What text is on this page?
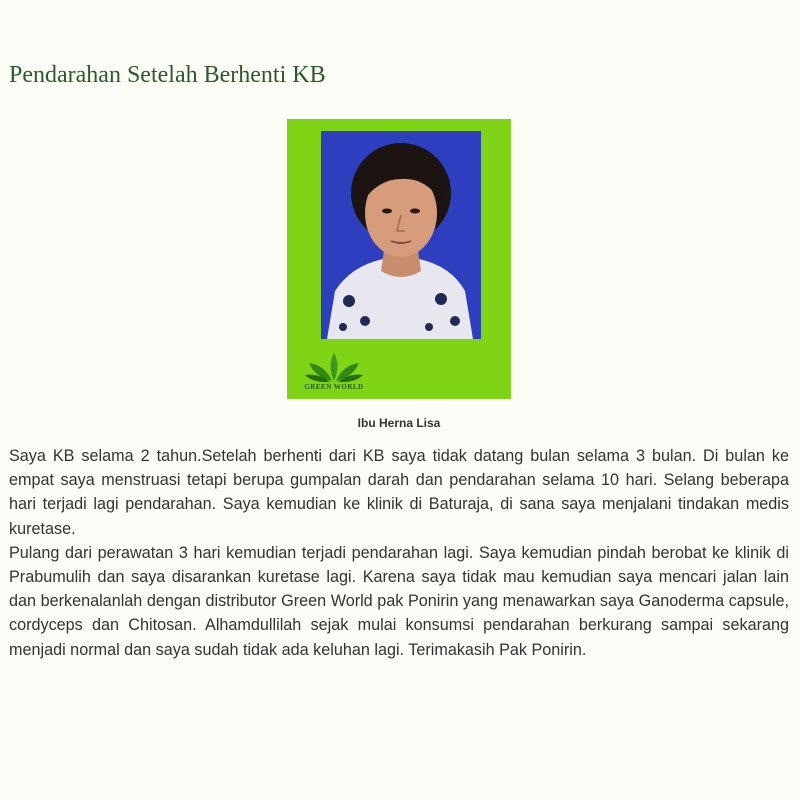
Pendarahan Setelah Berhenti KB
GREEN WORLD
Ibu Herna Lisa

Saya KB selama 2 tahun.Setelah berhenti dari KB saya tidak datang bulan selama 3 bulan. Di bulan ke empat saya menstruasi tetapi berupa gumpalan darah dan pendarahan selama 10 hari. Selang beberapa hari terjadi lagi pendarahan. Saya kemudian ke klinik di Baturaja, di sana saya menjalani tindakan medis kuretase.

Pulang dari perawatan 3 hari kemudian terjadi pendarahan lagi. Saya kemudian pindah berobat ke klinik di Prabumulih dan saya disarankan kuretase lagi. Karena saya tidak mau kemudian saya mencari jalan lain dan berkenalanlah dengan distributor Green World pak Ponirin yang menawarkan saya Ganoderma capsule, cordyceps dan Chitosan. Alhamdullilah sejak mulai konsumsi pendarahan berkurang sampai sekarang menjadi normal dan saya sudah tidak ada keluhan lagi. Terimakasih Pak Ponirin.
